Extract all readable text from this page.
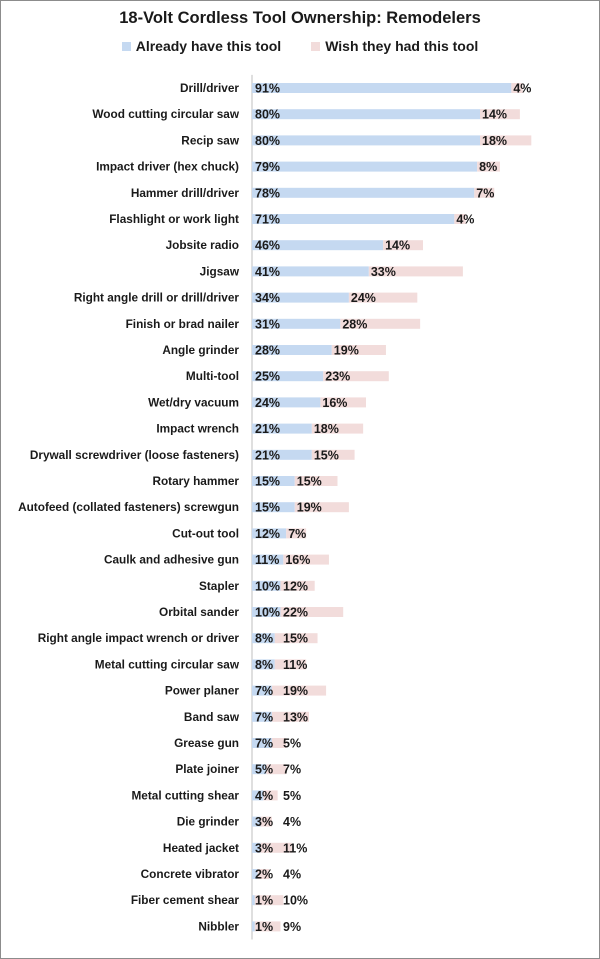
18-Volt Cordless Tool Ownership: Remodelers
Already have this tool	Wish they had this tool
Drill/driver 91%	4%
Wood cutting circular saw 80%	14%
Recip saw 80%	18%
Impact driver (hex chuck) 79%	8%
Hammer drill/driver 78%	7%
Flashlight or work light 71%	4%
Jobsite radio 46%	14%
Jigsaw 41%	33%
Right angle drill or drill/driver 34%	24%
Finish or brad nailer 31%	28%
Angle grinder 28%	19%
Multi-tool 25%	23%
Wet/dry vacuum 24%	16%
Impact wrench 21%	18%
Drywall screwdriver (loose fasteners) 21%	15%
Rotary hammer 15% 15%
Autofeed (collated fasteners) screwgun 15% 19%
Cut-out tool 12% 7%
Caulk and adhesive gun 11% 16%
Stapler 10% 12%
Orbital sander 10% 22%
Right angle impact wrench or driver 8% 15%
Metal cutting circular saw 8% 11%
Power planer 7% 19%
Band saw 7% 13%
Grease gun 7% 5%
Plate joiner 5% 7%
Metal cutting shear 4% 5%
Die grinder 3% 4%
Heated jacket 3% 11%
Concrete vibrator 2% 4%
Fiber cement shear 1% 10%
Nibbler 1% 9%
